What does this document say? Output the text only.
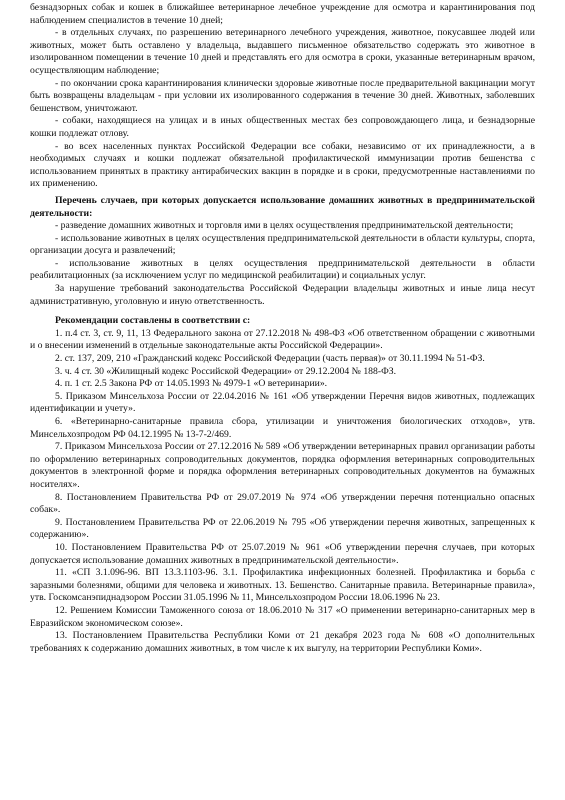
безнадзорных собак и кошек в ближайшее ветеринарное лечебное учреждение для осмотра и карантинирования под наблюдением специалистов в течение 10 дней;

- в отдельных случаях, по разрешению ветеринарного лечебного учреждения, животное, покусавшее людей или животных, может быть оставлено у владельца, выдавшего письменное обязательство содержать это животное в изолированном помещении в течение 10 дней и представлять его для осмотра в сроки, указанные ветеринарным врачом, осуществляющим наблюдение;

- по окончании срока карантинирования клинически здоровые животные после предварительной вакцинации могут быть возвращены владельцам - при условии их изолированного содержания в течение 30 дней. Животных, заболевших бешенством, уничтожают.

- собаки, находящиеся на улицах и в иных общественных местах без сопровождающего лица, и безнадзорные кошки подлежат отлову.

- во всех населенных пунктах Российской Федерации все собаки, независимо от их принадлежности, а в необходимых случаях и кошки подлежат обязательной профилактической иммунизации против бешенства с использованием принятых в практику антирабических вакцин в порядке и в сроки, предусмотренные наставлениями по их применению.

Перечень случаев, при которых допускается использование домашних животных в предпринимательской деятельности:

- разведение домашних животных и торговля ими в целях осуществления предпринимательской деятельности;

- использование животных в целях осуществления предпринимательской деятельности в области культуры, спорта, организации досуга и развлечений;

- использование животных в целях осуществления предпринимательской деятельности в области реабилитационных (за исключением услуг по медицинской реабилитации) и социальных услуг.

За нарушение требований законодательства Российской Федерации владельцы животных и иные лица несут административную, уголовную и иную ответственность.

Рекомендации составлены в соответствии с:

1. п.4 ст. 3, ст. 9, 11, 13 Федерального закона от 27.12.2018 № 498-ФЗ «Об ответственном обращении с животными и о внесении изменений в отдельные законодательные акты Российской Федерации».

2. ст. 137, 209, 210 «Гражданский кодекс Российской Федерации (часть первая)» от 30.11.1994 № 51-ФЗ.

3. ч. 4 ст. 30 «Жилищный кодекс Российской Федерации» от 29.12.2004 № 188-ФЗ.

4. п. 1 ст. 2.5 Закона РФ от 14.05.1993 № 4979-1 «О ветеринарии».

5. Приказом Минсельхоза России от 22.04.2016 № 161 «Об утверждении Перечня видов животных, подлежащих идентификации и учету».

6. «Ветеринарно-санитарные правила сбора, утилизации и уничтожения биологических отходов», утв. Минсельхозпродом РФ 04.12.1995 № 13-7-2/469.

7. Приказом Минсельхоза России от 27.12.2016 № 589 «Об утверждении ветеринарных правил организации работы по оформлению ветеринарных сопроводительных документов, порядка оформления ветеринарных сопроводительных документов в электронной форме и порядка оформления ветеринарных сопроводительных документов на бумажных носителях».

8. Постановлением Правительства РФ от 29.07.2019 № 974 «Об утверждении перечня потенциально опасных собак».

9. Постановлением Правительства РФ от 22.06.2019 № 795 «Об утверждении перечня животных, запрещенных к содержанию».

10. Постановлением Правительства РФ от 25.07.2019 № 961 «Об утверждении перечня случаев, при которых допускается использование домашних животных в предпринимательской деятельности».

11. «СП 3.1.096-96. ВП 13.3.1103-96. 3.1. Профилактика инфекционных болезней. Профилактика и борьба с заразными болезнями, общими для человека и животных. 13. Бешенство. Санитарные правила. Ветеринарные правила», утв. Госкомсанэпиднадзором России 31.05.1996 № 11, Минсельхозпродом России 18.06.1996 № 23.

12. Решением Комиссии Таможенного союза от 18.06.2010 № 317 «О применении ветеринарно-санитарных мер в Евразийском экономическом союзе».

13. Постановлением Правительства Республики Коми от 21 декабря 2023 года № 608 «О дополнительных требованиях к содержанию домашних животных, в том числе к их выгулу, на территории Республики Коми».
